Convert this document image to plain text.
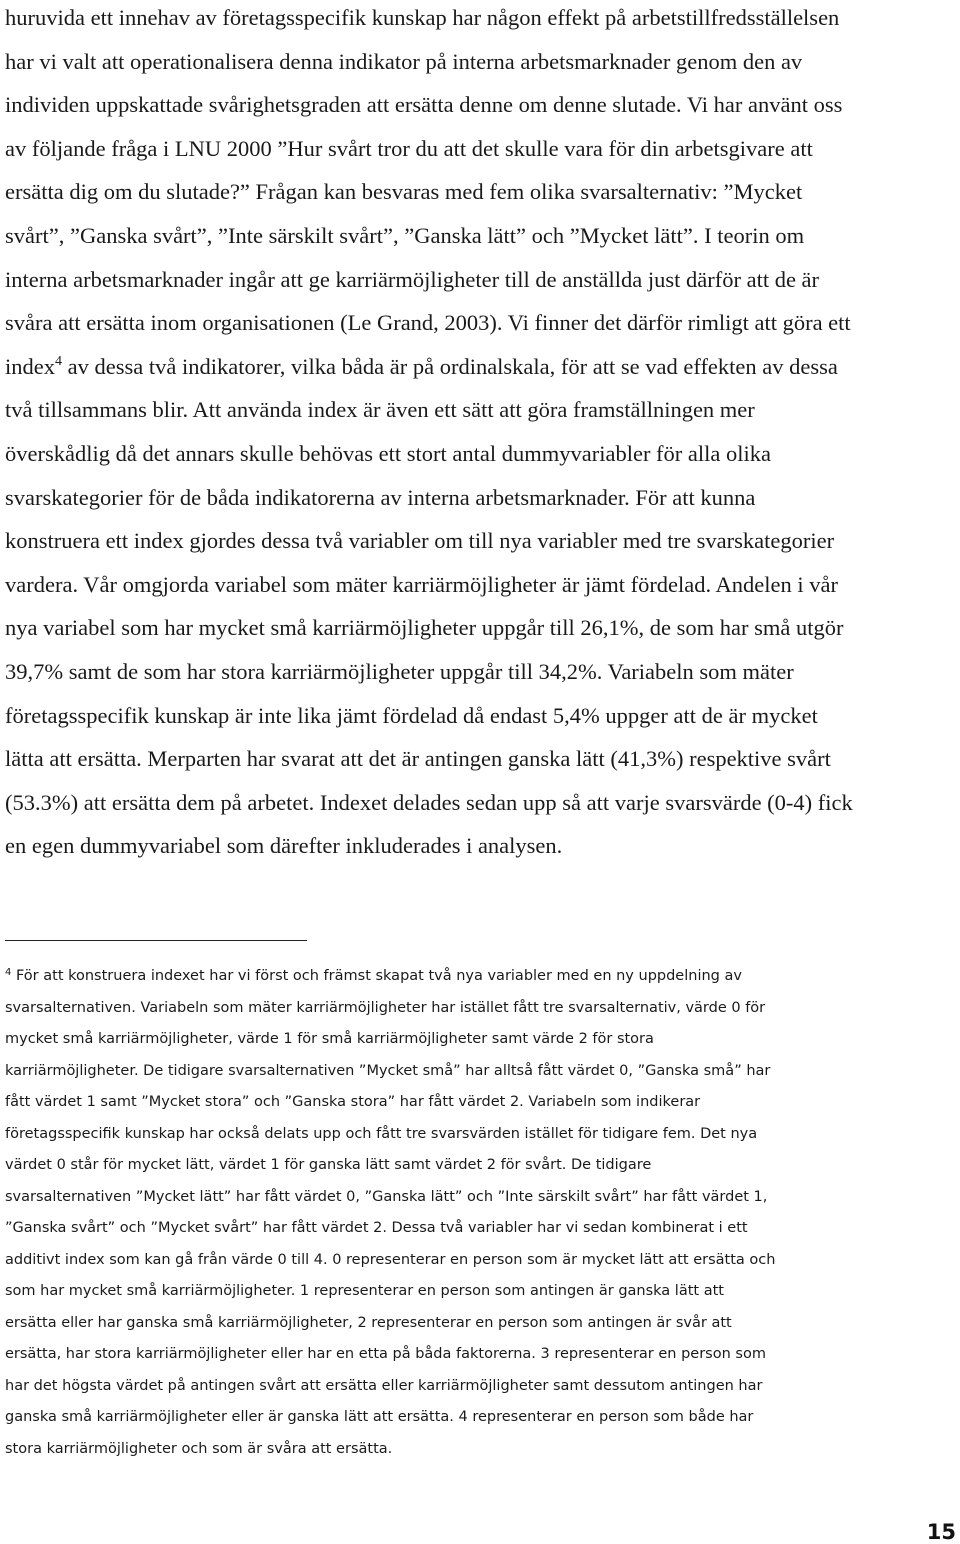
huruvida ett innehav av företagsspecifik kunskap har någon effekt på arbetstillfredsställelsen
har vi valt att operationalisera denna indikator på interna arbetsmarknader genom den av
individen uppskattade svårighetsgraden att ersätta denne om denne slutade. Vi har använt oss
av följande fråga i LNU 2000 ”Hur svårt tror du att det skulle vara för din arbetsgivare att
ersätta dig om du slutade?” Frågan kan besvaras med fem olika svarsalternativ: ”Mycket
svårt”, ”Ganska svårt”, ”Inte särskilt svårt”, ”Ganska lätt” och ”Mycket lätt”. I teorin om
interna arbetsmarknader ingår att ge karriärmöjligheter till de anställda just därför att de är
svåra att ersätta inom organisationen (Le Grand, 2003). Vi finner det därför rimligt att göra ett
index$^4$ av dessa två indikatorer, vilka båda är på ordinalskala, för att se vad effekten av dessa
två tillsammans blir. Att använda index är även ett sätt att göra framställningen mer
överskådlig då det annars skulle behövas ett stort antal dummyvariabler för alla olika
svarskategorier för de båda indikatorerna av interna arbetsmarknader. För att kunna
konstruera ett index gjordes dessa två variabler om till nya variabler med tre svarskategorier
vardera. Vår omgjorda variabel som mäter karriärmöjligheter är jämt fördelad. Andelen i vår
nya variabel som har mycket små karriärmöjligheter uppgår till 26,1%, de som har små utgör
39,7% samt de som har stora karriärmöjligheter uppgår till 34,2%. Variabeln som mäter
företagsspecifik kunskap är inte lika jämt fördelad då endast 5,4% uppger att de är mycket
lätta att ersätta. Merparten har svarat att det är antingen ganska lätt (41,3%) respektive svårt
(53.3%) att ersätta dem på arbetet. Indexet delades sedan upp så att varje svarsvärde (0-4) fick
en egen dummyvariabel som därefter inkluderades i analysen.
$^4$ För att konstruera indexet har vi först och främst skapat två nya variabler med en ny uppdelning av
svarsalternativen. Variabeln som mäter karriärmöjligheter har istället fått tre svarsalternativ, värde 0 för
mycket små karriärmöjligheter, värde 1 för små karriärmöjligheter samt värde 2 för stora
karriärmöjligheter. De tidigare svarsalternativen ”Mycket små” har alltså fått värdet 0, ”Ganska små” har
fått värdet 1 samt ”Mycket stora” och ”Ganska stora” har fått värdet 2. Variabeln som indikerar
företagsspecifik kunskap har också delats upp och fått tre svarsvärden istället för tidigare fem. Det nya
värdet 0 står för mycket lätt, värdet 1 för ganska lätt samt värdet 2 för svårt. De tidigare
svarsalternativen ”Mycket lätt” har fått värdet 0, ”Ganska lätt” och ”Inte särskilt svårt” har fått värdet 1,
”Ganska svårt” och ”Mycket svårt” har fått värdet 2. Dessa två variabler har vi sedan kombinerat i ett
additivt index som kan gå från värde 0 till 4. 0 representerar en person som är mycket lätt att ersätta och
som har mycket små karriärmöjligheter. 1 representerar en person som antingen är ganska lätt att
ersätta eller har ganska små karriärmöjligheter, 2 representerar en person som antingen är svår att
ersätta, har stora karriärmöjligheter eller har en etta på båda faktorerna. 3 representerar en person som
har det högsta värdet på antingen svårt att ersätta eller karriärmöjligheter samt dessutom antingen har
ganska små karriärmöjligheter eller är ganska lätt att ersätta. 4 representerar en person som både har
stora karriärmöjligheter och som är svåra att ersätta.
15
